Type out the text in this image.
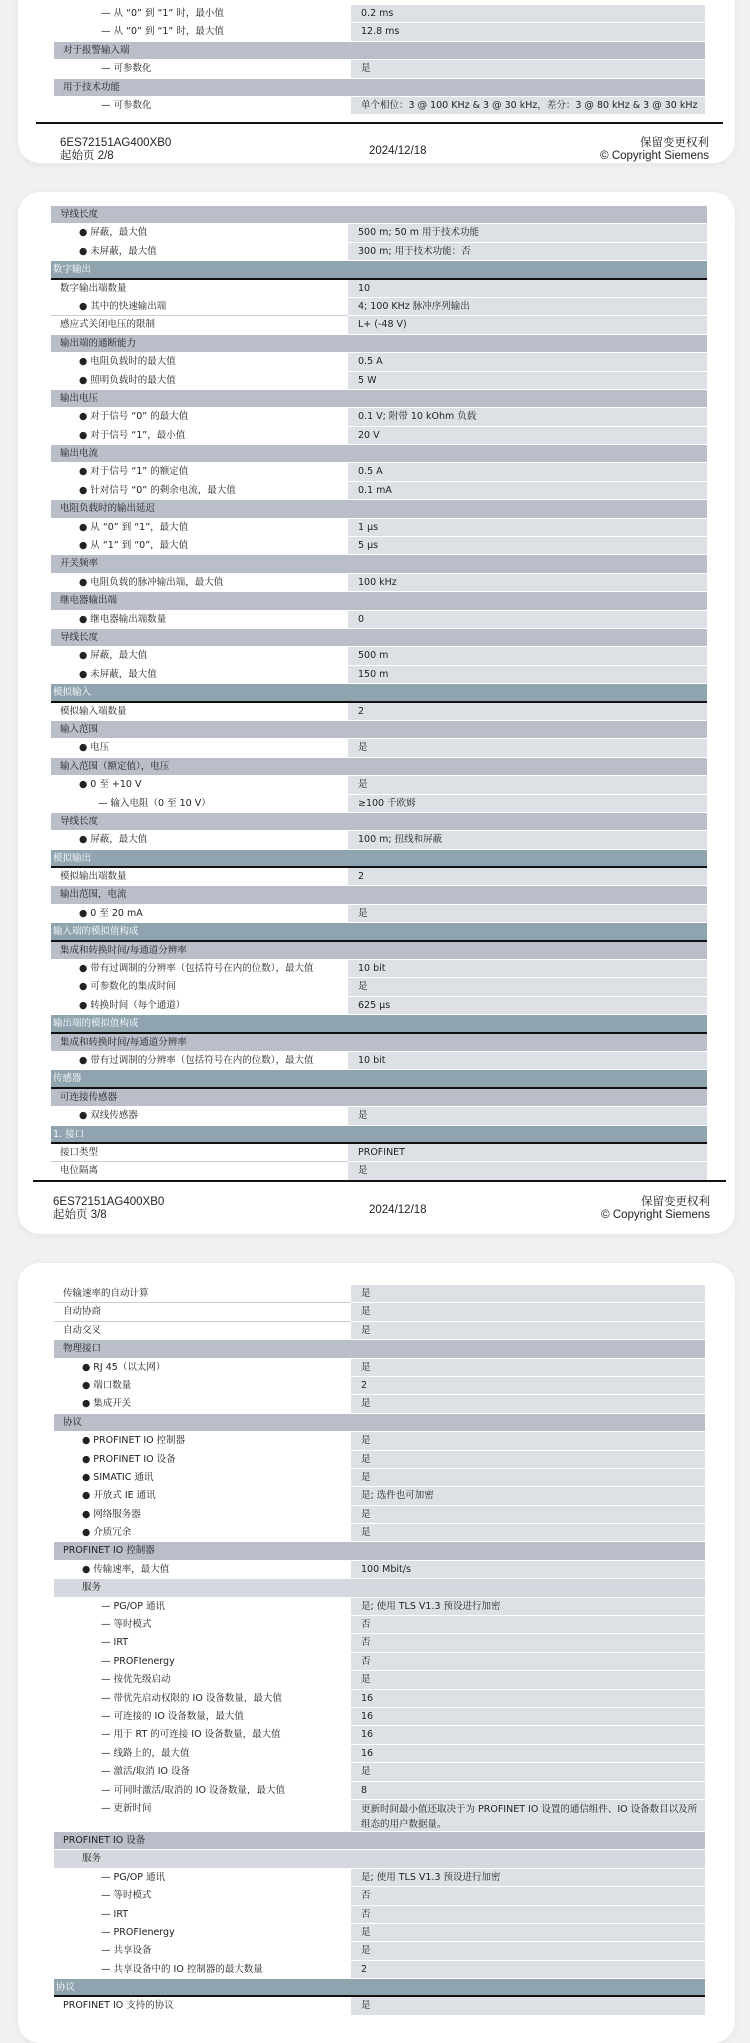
— 从 “0” 到 “1” 时，最小值	0.2 ms
— 从 “0” 到 “1” 时，最大值	12.8 ms
对于报警输入端
— 可参数化	是
用于技术功能
— 可参数化	单个相位：3 @ 100 KHz & 3 @ 30 kHz，差分：3 @ 80 kHz & 3 @ 30 kHz
6ES72151AG400XB0
起始页 2/8	2024/12/18
保留变更权利
© Copyright Siemens
导线长度
● 屏蔽，最大值	500 m; 50 m 用于技术功能
● 未屏蔽，最大值	300 m; 用于技术功能：否
数字输出
数字输出端数量	10
● 其中的快速输出端	4; 100 KHz 脉冲序列输出
感应式关闭电压的限制	L+ (-48 V)
输出端的通断能力
● 电阻负载时的最大值	0.5 A
● 照明负载时的最大值	5 W
输出电压
● 对于信号 “0” 的最大值	0.1 V; 附带 10 kOhm 负载
● 对于信号 “1”，最小值	20 V
输出电流
● 对于信号 “1” 的额定值	0.5 A
● 针对信号 “0” 的剩余电流，最大值	0.1 mA
电阻负载时的输出延迟
● 从 “0” 到 “1”，最大值	1 μs
● 从 “1” 到 “0”，最大值	5 μs
开关频率
● 电阻负载的脉冲输出端，最大值	100 kHz
继电器输出端
● 继电器输出端数量	0
导线长度
● 屏蔽，最大值	500 m
● 未屏蔽，最大值	150 m
模拟输入
模拟输入端数量	2
输入范围
● 电压	是
输入范围（额定值），电压
● 0 至 +10 V	是
— 输入电阻（0 至 10 V）	≥100 千欧姆
导线长度
● 屏蔽，最大值	100 m; 扭线和屏蔽
模拟输出
模拟输出端数量	2
输出范围，电流
● 0 至 20 mA	是
输入端的模拟值构成
集成和转换时间/每通道分辨率
● 带有过调制的分辨率（包括符号在内的位数），最大值	10 bit
● 可参数化的集成时间	是
● 转换时间（每个通道）	625 μs
输出端的模拟值构成
集成和转换时间/每通道分辨率
● 带有过调制的分辨率（包括符号在内的位数），最大值	10 bit
传感器
可连接传感器
● 双线传感器	是
1. 接口
接口类型	PROFINET
电位隔离	是
6ES72151AG400XB0
起始页 3/8	2024/12/18
保留变更权利
© Copyright Siemens
传输速率的自动计算	是
自动协商	是
自动交叉	是
物理接口
● RJ 45（以太网）	是
● 端口数量	2
● 集成开关	是
协议
● PROFINET IO 控制器	是
● PROFINET IO 设备	是
● SIMATIC 通讯	是
● 开放式 IE 通讯	是; 选件也可加密
● 网络服务器	是
● 介质冗余	是
PROFINET IO 控制器
● 传输速率，最大值	100 Mbit/s
服务
— PG/OP 通讯	是; 使用 TLS V1.3 预设进行加密
— 等时模式	否
— IRT	否
— PROFIenergy	否
— 按优先级启动	是
— 带优先启动权限的 IO 设备数量，最大值	16
— 可连接的 IO 设备数量，最大值	16
— 用于 RT 的可连接 IO 设备数量，最大值	16
— 线路上的，最大值	16
— 激活/取消 IO 设备	是
— 可同时激活/取消的 IO 设备数量，最大值	8
— 更新时间	更新时间最小值还取决于为 PROFINET IO 设置的通信组件、IO 设备数目以及所组态的用户数据量。
PROFINET IO 设备
服务
— PG/OP 通讯	是; 使用 TLS V1.3 预设进行加密
— 等时模式	否
— IRT	否
— PROFIenergy	是
— 共享设备	是
— 共享设备中的 IO 控制器的最大数量	2
协议
PROFINET IO 支持的协议	是
